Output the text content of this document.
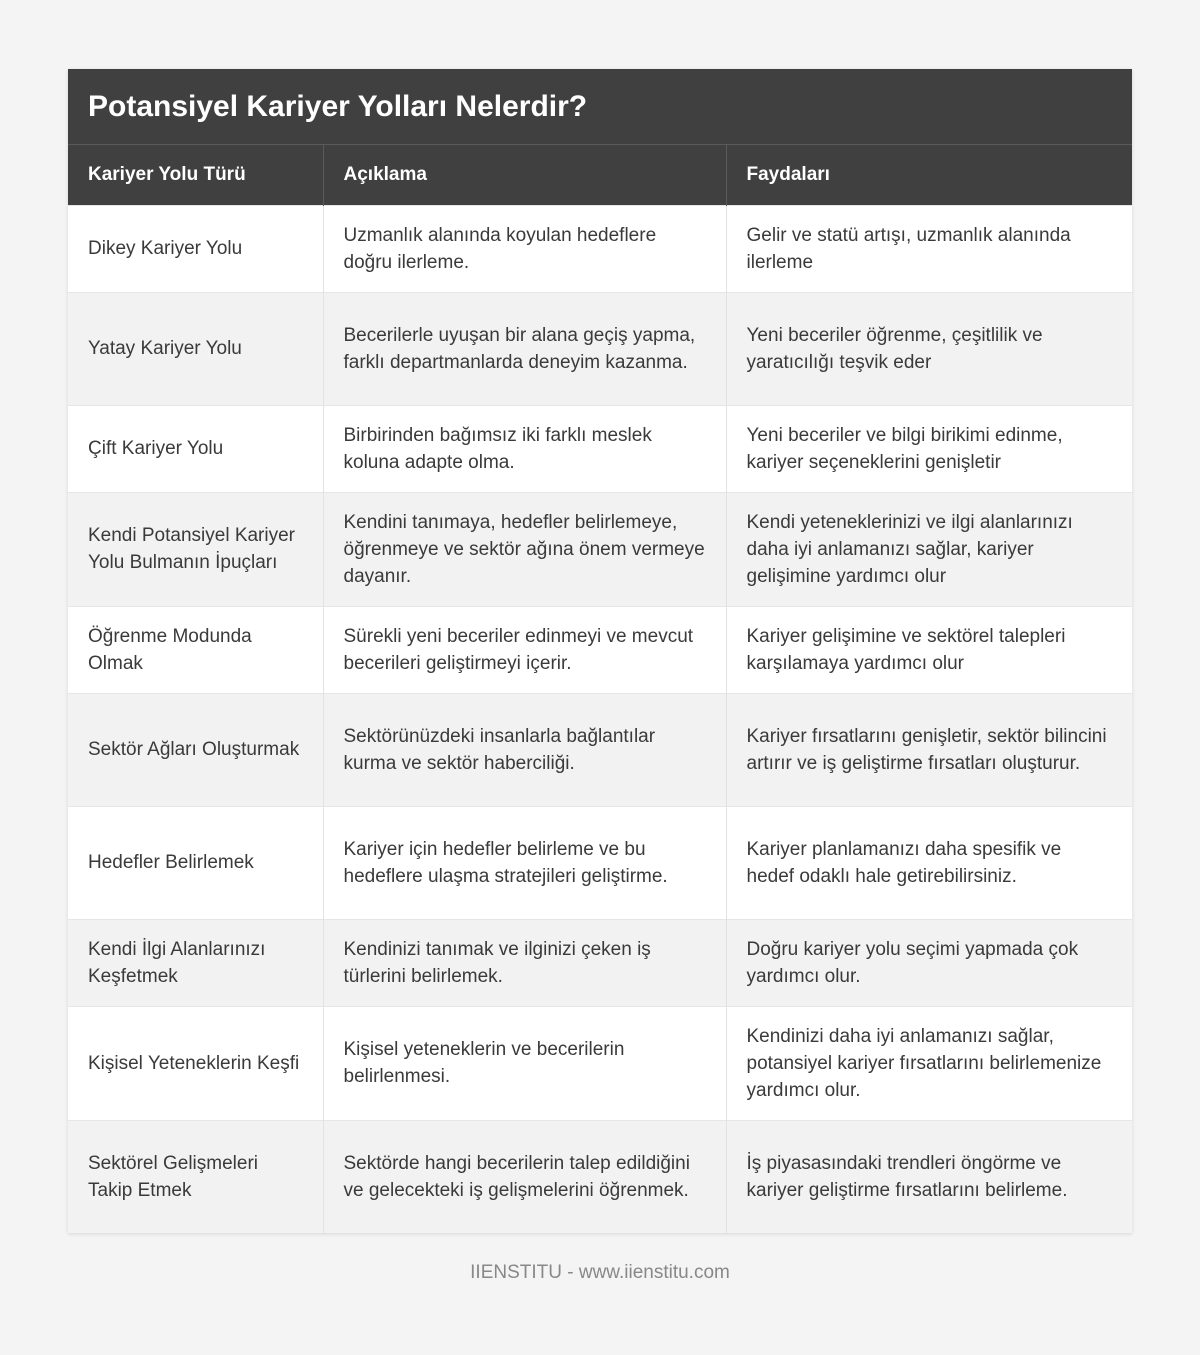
Potansiyel Kariyer Yolları Nelerdir?
Kariyer Yolu Türü	Açıklama	Faydaları
Dikey Kariyer Yolu	Uzmanlık alanında koyulan hedeflere doğru ilerleme.	Gelir ve statü artışı, uzmanlık alanında ilerleme
Yatay Kariyer Yolu	Becerilerle uyuşan bir alana geçiş yapma, farklı departmanlarda deneyim kazanma.	Yeni beceriler öğrenme, çeşitlilik ve yaratıcılığı teşvik eder
Çift Kariyer Yolu	Birbirinden bağımsız iki farklı meslek koluna adapte olma.	Yeni beceriler ve bilgi birikimi edinme, kariyer seçeneklerini genişletir
Kendi Potansiyel Kariyer Yolu Bulmanın İpuçları	Kendini tanımaya, hedefler belirlemeye, öğrenmeye ve sektör ağına önem vermeye dayanır.	Kendi yeteneklerinizi ve ilgi alanlarınızı daha iyi anlamanızı sağlar, kariyer gelişimine yardımcı olur
Öğrenme Modunda Olmak	Sürekli yeni beceriler edinmeyi ve mevcut becerileri geliştirmeyi içerir.	Kariyer gelişimine ve sektörel talepleri karşılamaya yardımcı olur
Sektör Ağları Oluşturmak	Sektörünüzdeki insanlarla bağlantılar kurma ve sektör haberciliği.	Kariyer fırsatlarını genişletir, sektör bilincini artırır ve iş geliştirme fırsatları oluşturur.
Hedefler Belirlemek	Kariyer için hedefler belirleme ve bu hedeflere ulaşma stratejileri geliştirme.	Kariyer planlamanızı daha spesifik ve hedef odaklı hale getirebilirsiniz.
Kendi İlgi Alanlarınızı Keşfetmek	Kendinizi tanımak ve ilginizi çeken iş türlerini belirlemek.	Doğru kariyer yolu seçimi yapmada çok yardımcı olur.
Kişisel Yeteneklerin Keşfi	Kişisel yeteneklerin ve becerilerin belirlenmesi.	Kendinizi daha iyi anlamanızı sağlar, potansiyel kariyer fırsatlarını belirlemenize yardımcı olur.
Sektörel Gelişmeleri Takip Etmek	Sektörde hangi becerilerin talep edildiğini ve gelecekteki iş gelişmelerini öğrenmek.	İş piyasasındaki trendleri öngörme ve kariyer geliştirme fırsatlarını belirleme.
IIENSTITU - www.iienstitu.com
